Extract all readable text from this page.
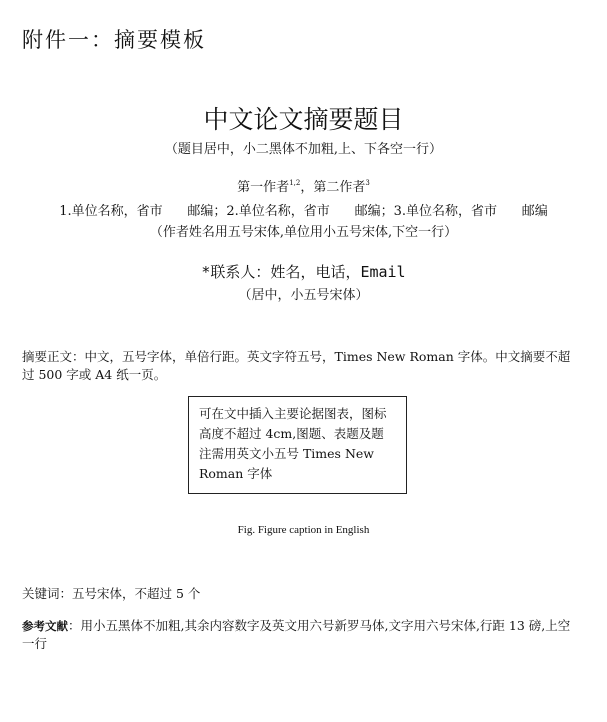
附件一：摘要模板
中文论文摘要题目
（题目居中，小二黑体不加粗,上、下各空一行）
第一作者$^{1,2}$，第二作者$^3$
1.单位名称，省市      邮编；2.单位名称，省市      邮编；3.单位名称，省市      邮编
（作者姓名用五号宋体,单位用小五号宋体,下空一行）
*联系人：姓名，电话，Email
（居中，小五号宋体）
摘要正文：中文，五号字体，单倍行距。英文字符五号，Times New Roman 字体。中文摘要不超过 500 字或 A4 纸一页。
可在文中插入主要论据图表，图标高度不超过 4cm,图题、表题及题注需用英文小五号 Times New Roman 字体
Fig. Figure caption in English
关键词：五号宋体，不超过 5 个
参考文献：用小五黑体不加粗,其余内容数字及英文用六号新罗马体,文字用六号宋体,行距 13 磅,上空一行
